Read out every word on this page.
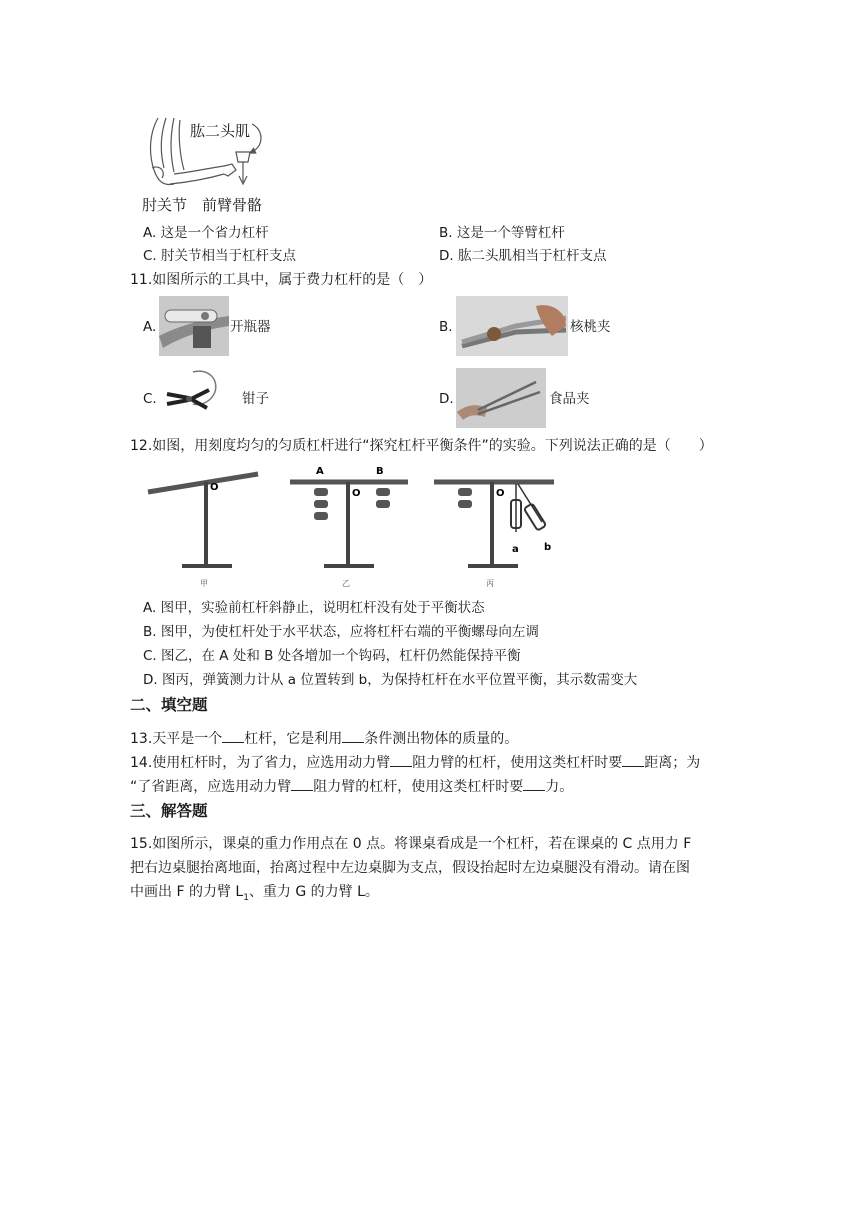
肱二头肌
肘关节 前臂骨骼
A. 这是一个省力杠杆	B. 这是一个等臂杠杆
C. 肘关节相当于杠杆支点	D. 肱二头肌相当于杠杆支点
11.如图所示的工具中，属于费力杠杆的是（　）
A.	开瓶器	B.	核桃夹
C.	钳子	D.	食品夹
12.如图，用刻度均匀的匀质杠杆进行“探究杠杆平衡条件”的实验。下列说法正确的是（　　）
O
甲
O
A	B
乙
O
a	b
丙
A. 图甲，实验前杠杆斜静止，说明杠杆没有处于平衡状态
B. 图甲，为使杠杆处于水平状态，应将杠杆右端的平衡螺母向左调
C. 图乙，在 A 处和 B 处各增加一个钩码，杠杆仍然能保持平衡
D. 图丙，弹簧测力计从 a 位置转到 b，为保持杠杆在水平位置平衡，其示数需变大
二、填空题
13.天平是一个 杠杆，它是利用 条件测出物体的质量的。
14.使用杠杆时，为了省力，应选用动力臂 阻力臂的杠杆，使用这类杠杆时要 距离；为
“了省距离，应选用动力臂 阻力臂的杠杆，使用这类杠杆时要 力。
三、解答题
15.如图所示，课桌的重力作用点在 0 点。将课桌看成是一个杠杆，若在课桌的 C 点用力 F
把右边桌腿抬离地面，抬离过程中左边桌脚为支点，假设抬起时左边桌腿没有滑动。请在图
中画出 F 的力臂 $L_1$、重力 G 的力臂 L。
